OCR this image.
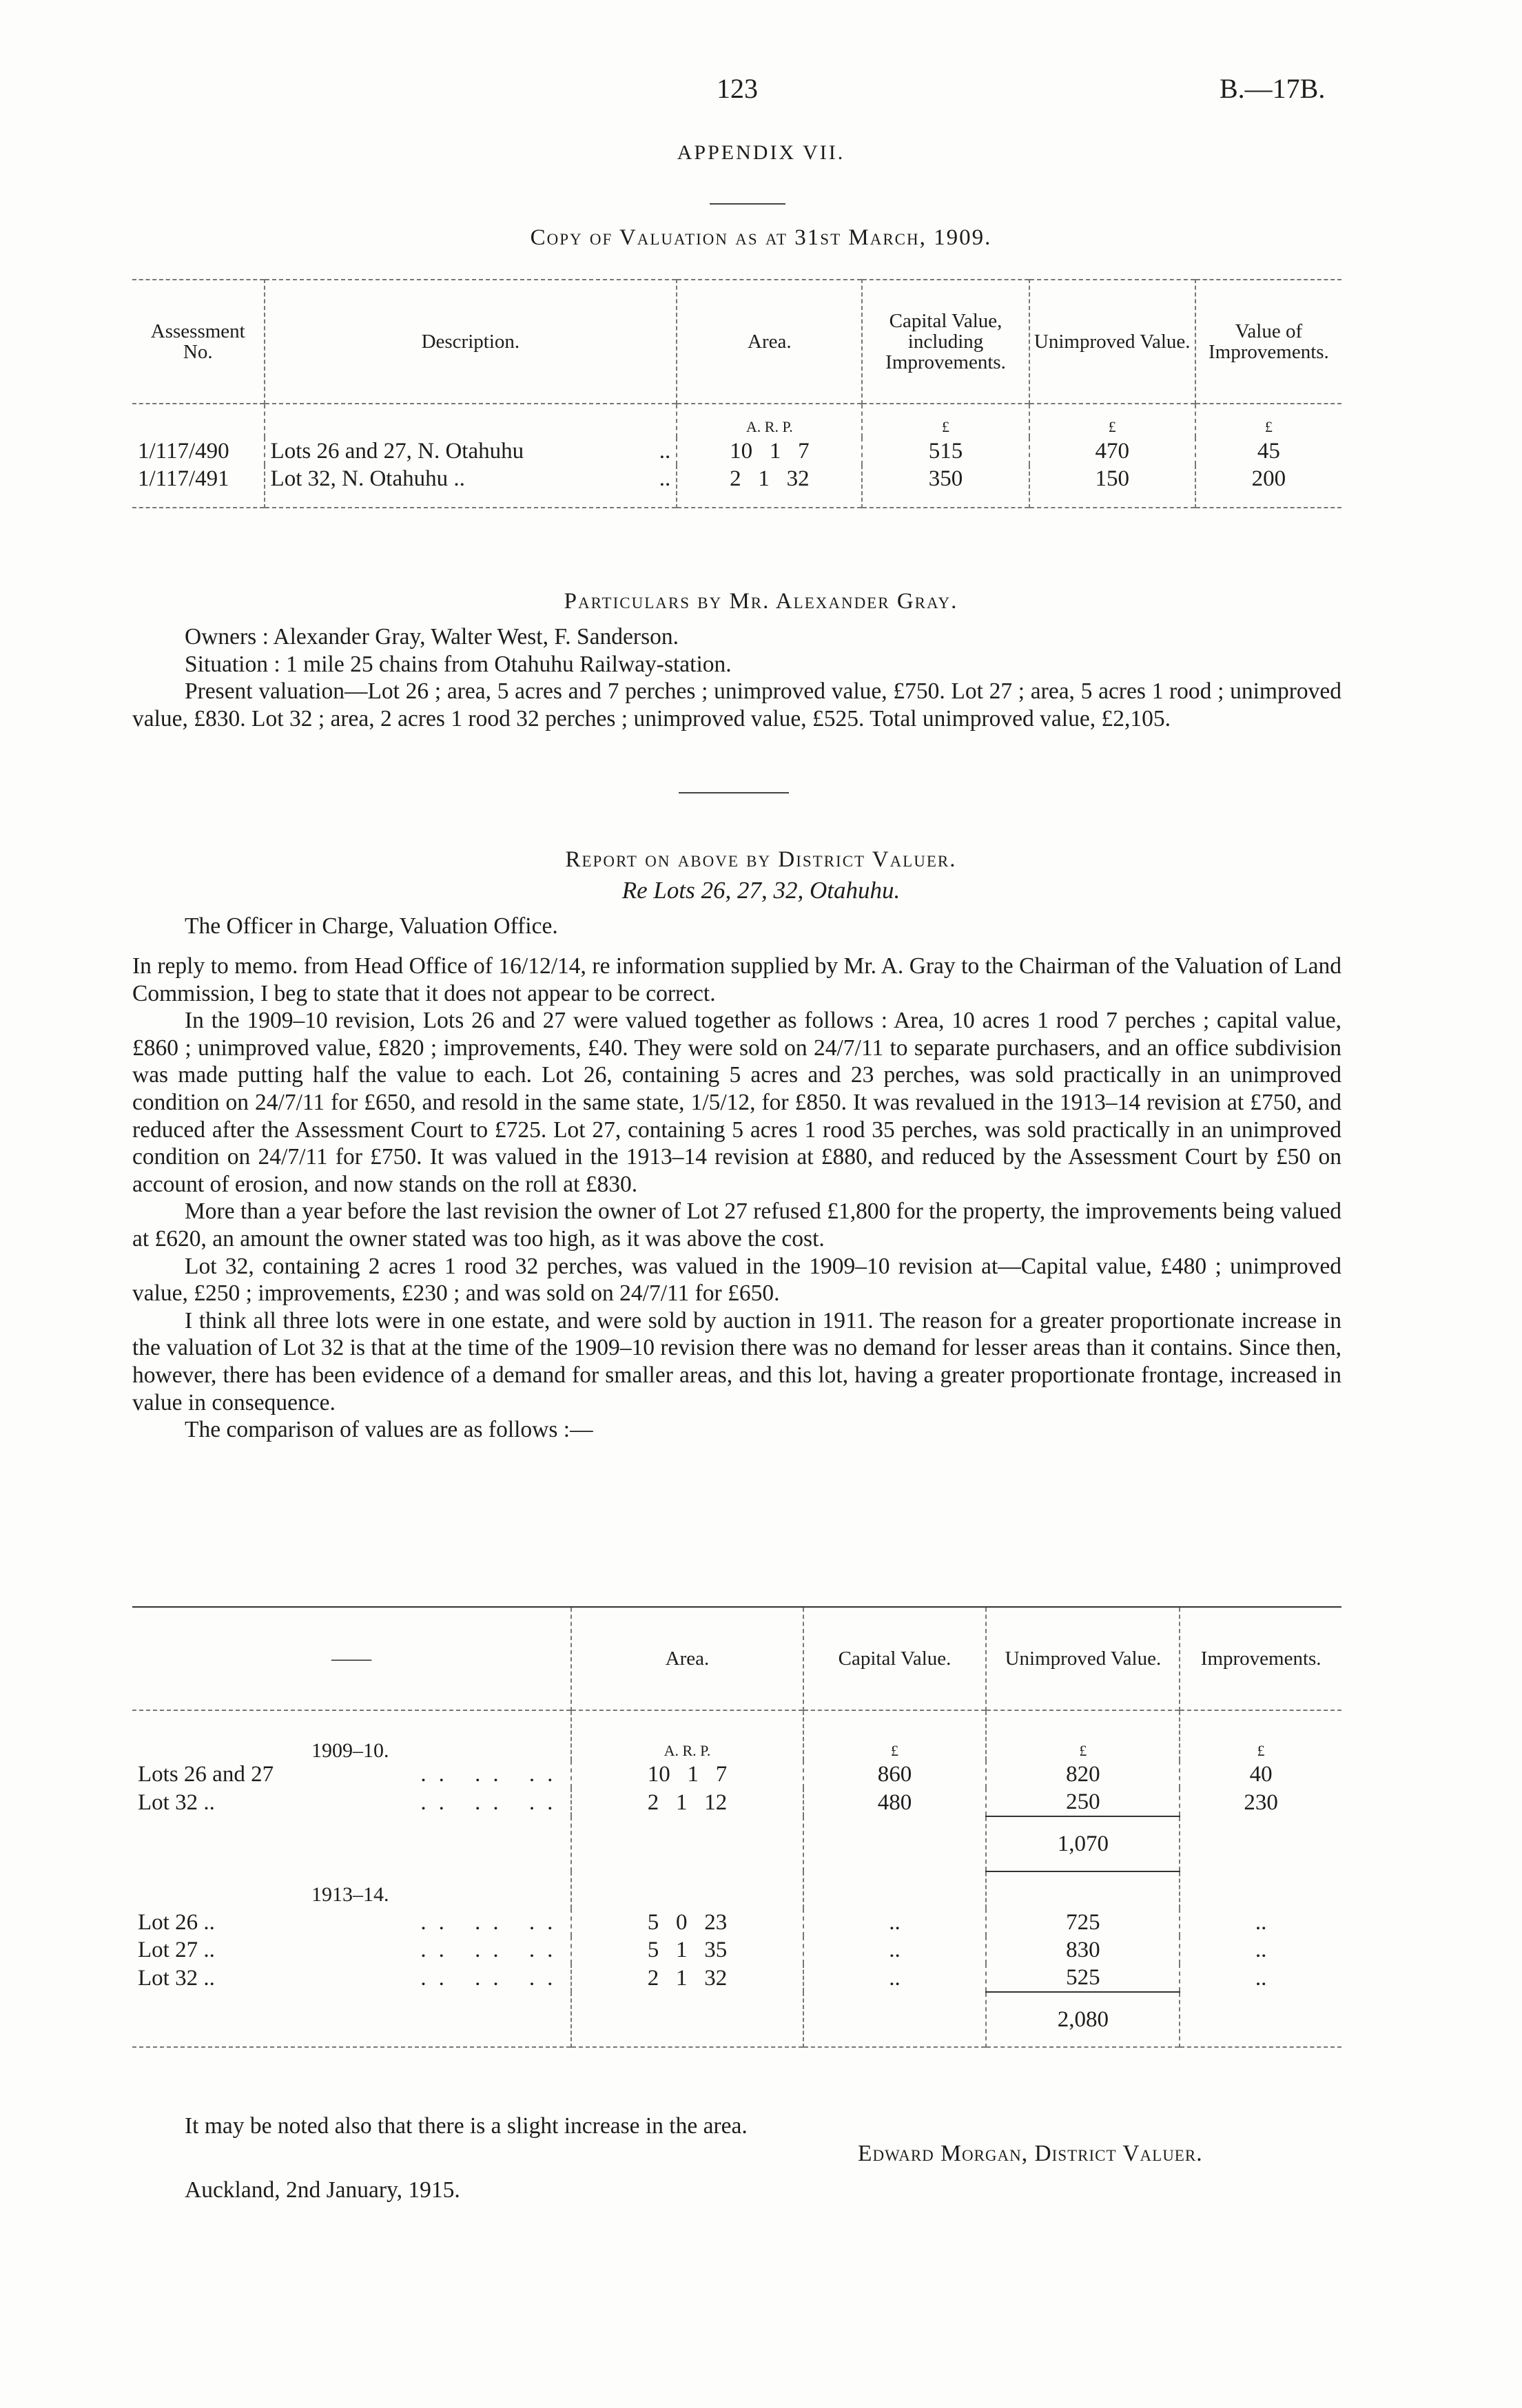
123	B.—17B.
APPENDIX VII.
Copy of Valuation as at 31st March, 1909.
Assessment No.	Description.	Area.	Capital Value, including Improvements.	Unimproved Value.	Value of Improvements.
		A. R. P.	£	£	£
1/117/490	Lots 26 and 27, N. Otahuhu ..	10 1 7	515	470	45
1/117/491	Lot 32, N. Otahuhu .. ..	2 1 32	350	150	200

Particulars by Mr. Alexander Gray.

Owners : Alexander Gray, Walter West, F. Sanderson.

Situation : 1 mile 25 chains from Otahuhu Railway-station.

Present valuation—Lot 26 ; area, 5 acres and 7 perches ; unimproved value, £750. Lot 27 ; area, 5 acres 1 rood ; unimproved value, £830. Lot 32 ; area, 2 acres 1 rood 32 perches ; unimproved value, £525. Total unimproved value, £2,105.

Report on above by District Valuer.
Re Lots 26, 27, 32, Otahuhu.
The Officer in Charge, Valuation Office.

In reply to memo. from Head Office of 16/12/14, re information supplied by Mr. A. Gray to the Chairman of the Valuation of Land Commission, I beg to state that it does not appear to be correct.

In the 1909–10 revision, Lots 26 and 27 were valued together as follows : Area, 10 acres 1 rood 7 perches ; capital value, £860 ; unimproved value, £820 ; improvements, £40. They were sold on 24/7/11 to separate purchasers, and an office subdivision was made putting half the value to each. Lot 26, containing 5 acres and 23 perches, was sold practically in an unimproved condition on 24/7/11 for £650, and resold in the same state, 1/5/12, for £850. It was revalued in the 1913–14 revision at £750, and reduced after the Assessment Court to £725. Lot 27, containing 5 acres 1 rood 35 perches, was sold practically in an unimproved condition on 24/7/11 for £750. It was valued in the 1913–14 revision at £880, and reduced by the Assessment Court by £50 on account of erosion, and now stands on the roll at £830.

More than a year before the last revision the owner of Lot 27 refused £1,800 for the property, the improvements being valued at £620, an amount the owner stated was too high, as it was above the cost.

Lot 32, containing 2 acres 1 rood 32 perches, was valued in the 1909–10 revision at—Capital value, £480 ; unimproved value, £250 ; improvements, £230 ; and was sold on 24/7/11 for £650.

I think all three lots were in one estate, and were sold by auction in 1911. The reason for a greater proportionate increase in the valuation of Lot 32 is that at the time of the 1909–10 revision there was no demand for lesser areas than it contains. Since then, however, there has been evidence of a demand for smaller areas, and this lot, having a greater proportionate frontage, increased in value in consequence.

The comparison of values are as follows :—

——	Area.	Capital Value.	Unimproved Value.	Improvements.
1909–10.	A. R. P.	£	£	£
Lots 26 and 27 .. .. ..	10 1 7	860	820	40
Lot 32 .. .. .. ..	2 1 12	480	250	230
			1,070	
1913–14.				
Lot 26 .. .. .. ..	5 0 23	..	725	..
Lot 27 .. .. .. ..	5 1 35	..	830	..
Lot 32 .. .. .. ..	2 1 32	..	525	..
			2,080	

It may be noted also that there is a slight increase in the area.
Edward Morgan, District Valuer.
Auckland, 2nd January, 1915.
